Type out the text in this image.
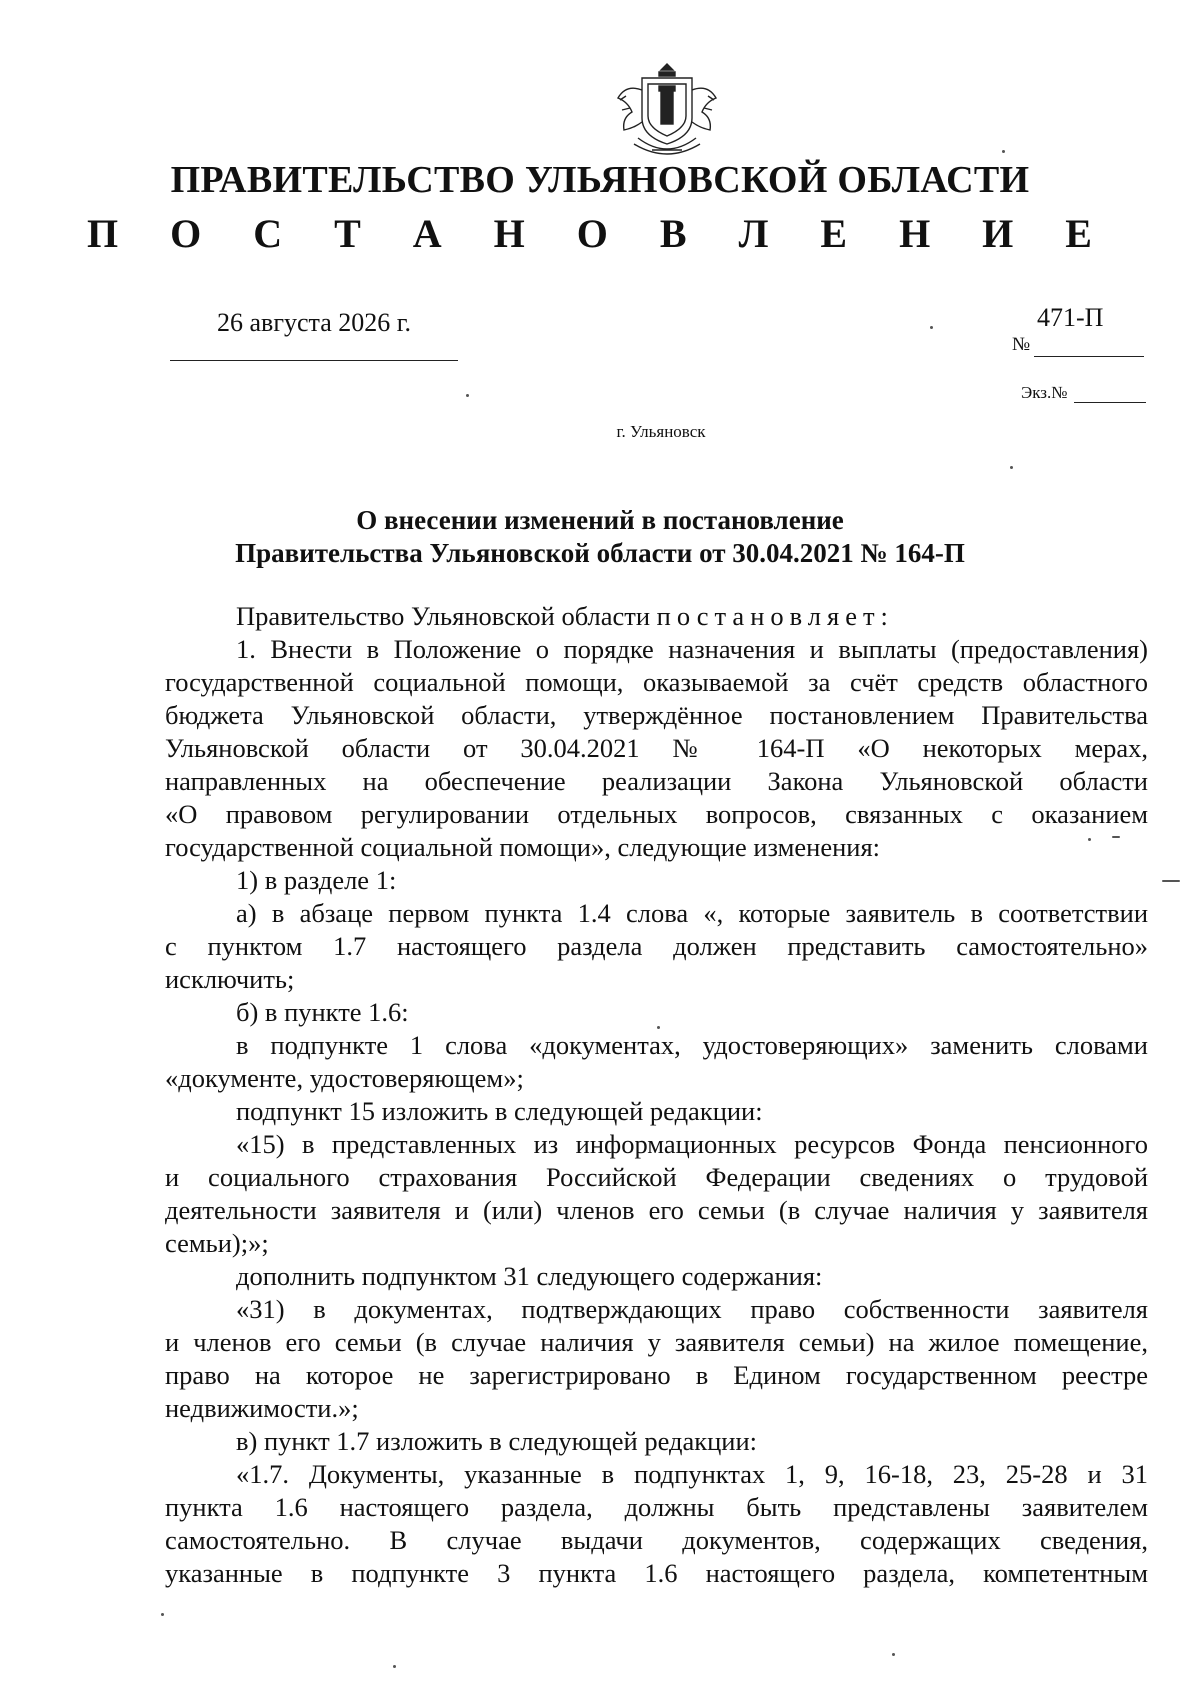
ПРАВИТЕЛЬСТВО УЛЬЯНОВСКОЙ ОБЛАСТИ
П О С Т А Н О В Л Е Н И Е
26 августа 2026 г.	471-П
№
Экз.№
г. Ульяновск
О внесении изменений в постановление
Правительства Ульяновской области от 30.04.2021 № 164-П

Правительство Ульяновской области постановляет:

1. Внести в Положение о порядке назначения и выплаты (предоставления)

государственной социальной помощи, оказываемой за счёт средств областного

бюджета Ульяновской области, утверждённое постановлением Правительства

Ульяновской области от 30.04.2021 № 164-П «О некоторых мерах,

направленных на обеспечение реализации Закона Ульяновской области

«О правовом регулировании отдельных вопросов, связанных с оказанием

государственной социальной помощи», следующие изменения:

1) в разделе 1:

а) в абзаце первом пункта 1.4 слова «, которые заявитель в соответствии

с пунктом 1.7 настоящего раздела должен представить самостоятельно»

исключить;

б) в пункте 1.6:

в подпункте 1 слова «документах, удостоверяющих» заменить словами

«документе, удостоверяющем»;

подпункт 15 изложить в следующей редакции:

«15) в представленных из информационных ресурсов Фонда пенсионного

и социального страхования Российской Федерации сведениях о трудовой

деятельности заявителя и (или) членов его семьи (в случае наличия у заявителя

семьи);»;

дополнить подпунктом 31 следующего содержания:

«31) в документах, подтверждающих право собственности заявителя

и членов его семьи (в случае наличия у заявителя семьи) на жилое помещение,

право на которое не зарегистрировано в Едином государственном реестре

недвижимости.»;

в) пункт 1.7 изложить в следующей редакции:

«1.7. Документы, указанные в подпунктах 1, 9, 16-18, 23, 25-28 и 31

пункта 1.6 настоящего раздела, должны быть представлены заявителем

самостоятельно. В случае выдачи документов, содержащих сведения,

указанные в подпункте 3 пункта 1.6 настоящего раздела, компетентным
